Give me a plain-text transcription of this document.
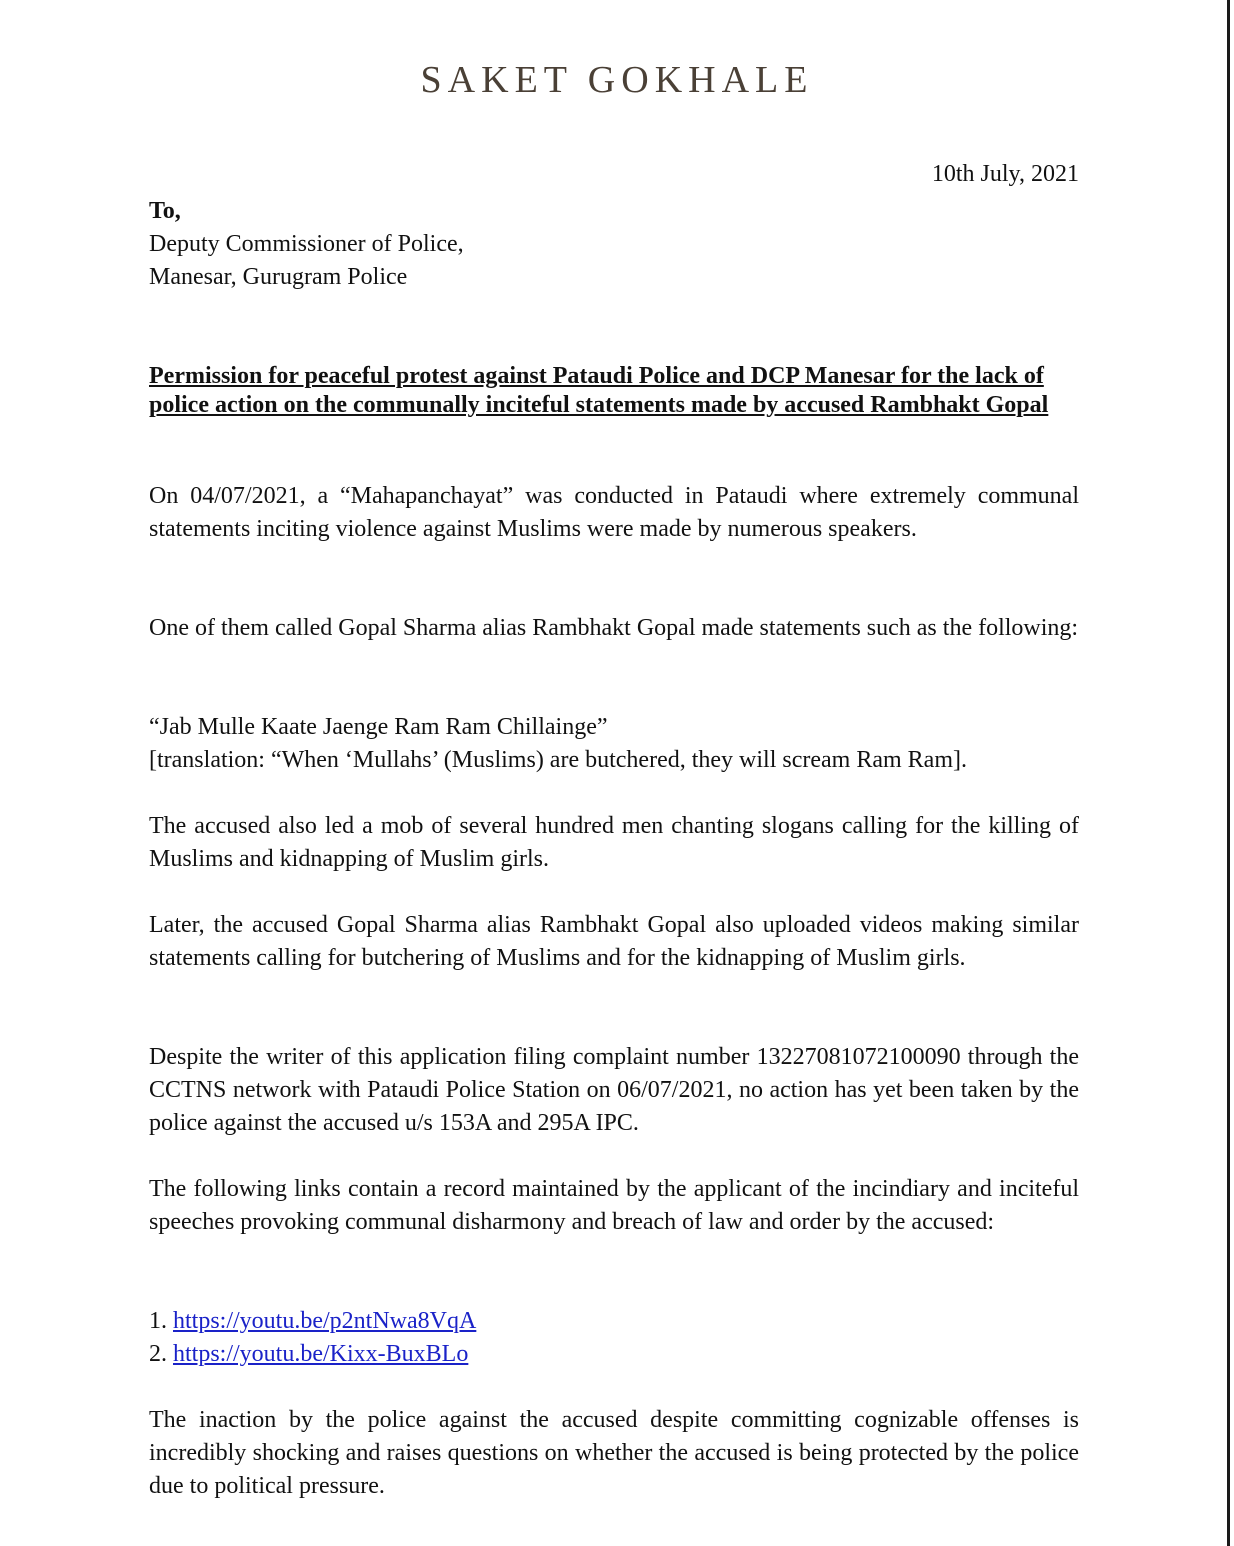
SAKET GOKHALE
10th July, 2021
To,
Deputy Commissioner of Police,
Manesar, Gurugram Police
Permission for peaceful protest against Pataudi Police and DCP Manesar for the lack of police action on the communally inciteful statements made by accused Rambhakt Gopal
On 04/07/2021, a “Mahapanchayat” was conducted in Pataudi where extremely communal statements inciting violence against Muslims were made by numerous speakers.
One of them called Gopal Sharma alias Rambhakt Gopal made statements such as the following:
“Jab Mulle Kaate Jaenge Ram Ram Chillainge”
[translation: “When ‘Mullahs’ (Muslims) are butchered, they will scream Ram Ram].
The accused also led a mob of several hundred men chanting slogans calling for the killing of Muslims and kidnapping of Muslim girls.
Later, the accused Gopal Sharma alias Rambhakt Gopal also uploaded videos making similar statements calling for butchering of Muslims and for the kidnapping of Muslim girls.
Despite the writer of this application filing complaint number 13227081072100090 through the CCTNS network with Pataudi Police Station on 06/07/2021, no action has yet been taken by the police against the accused u/s 153A and 295A IPC.
The following links contain a record maintained by the applicant of the incindiary and inciteful speeches provoking communal disharmony and breach of law and order by the accused:
1. https://youtu.be/p2ntNwa8VqA
2. https://youtu.be/Kixx-BuxBLo
The inaction by the police against the accused despite committing cognizable offenses is incredibly shocking and raises questions on whether the accused is being protected by the police due to political pressure.
